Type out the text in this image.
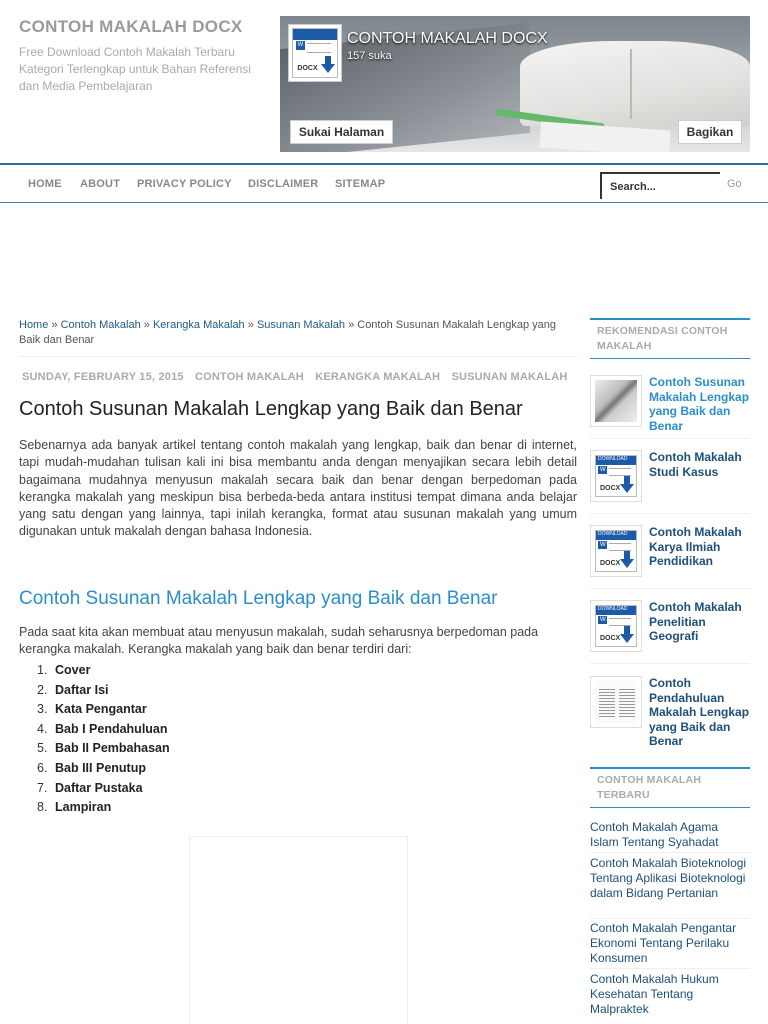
CONTOH MAKALAH DOCX
Free Download Contoh Makalah Terbaru Kategori Terlengkap untuk Bahan Referensi dan Media Pembelajaran
W
DOCX
CONTOH MAKALAH DOCX
157 suka
Sukai Halaman	Bagikan
HOME ABOUT PRIVACY POLICY DISCLAIMER SITEMAP
Search...	Go
Home » Contoh Makalah » Kerangka Makalah » Susunan Makalah » Contoh Susunan Makalah Lengkap yang Baik dan Benar
SUNDAY, FEBRUARY 15, 2015 CONTOH MAKALAH KERANGKA MAKALAH SUSUNAN MAKALAH
Contoh Susunan Makalah Lengkap yang Baik dan Benar

Sebenarnya ada banyak artikel tentang contoh makalah yang lengkap, baik dan benar di internet, tapi mudah-mudahan tulisan kali ini bisa membantu anda dengan menyajikan secara lebih detail bagaimana mudahnya menyusun makalah secara baik dan benar dengan berpedoman pada kerangka makalah yang meskipun bisa berbeda-beda antara institusi tempat dimana anda belajar yang satu dengan yang lainnya, tapi inilah kerangka, format atau susunan makalah yang umum digunakan untuk makalah dengan bahasa Indonesia.

Contoh Susunan Makalah Lengkap yang Baik dan Benar

Pada saat kita akan membuat atau menyusun makalah, sudah seharusnya berpedoman pada kerangka makalah. Kerangka makalah yang baik dan benar terdiri dari:

1. Cover
2. Daftar Isi
3. Kata Pengantar
4. Bab I Pendahuluan
5. Bab II Pembahasan
6. Bab III Penutup
7. Daftar Pustaka
8. Lampiran
REKOMENDASI CONTOH MAKALAH
Contoh Susunan Makalah Lengkap yang Baik dan Benar
DOWNLOAD
W
DOCX
Contoh Makalah Studi Kasus
DOWNLOAD
W
DOCX
Contoh Makalah Karya Ilmiah Pendidikan
DOWNLOAD
W
DOCX
Contoh Makalah Penelitian Geografi
Contoh Pendahuluan Makalah Lengkap yang Baik dan Benar
CONTOH MAKALAH TERBARU
Contoh Makalah Agama Islam Tentang Syahadat
Contoh Makalah Bioteknologi Tentang Aplikasi Bioteknologi dalam Bidang Pertanian
Contoh Makalah Pengantar Ekonomi Tentang Perilaku Konsumen
Contoh Makalah Hukum Kesehatan Tentang Malpraktek
